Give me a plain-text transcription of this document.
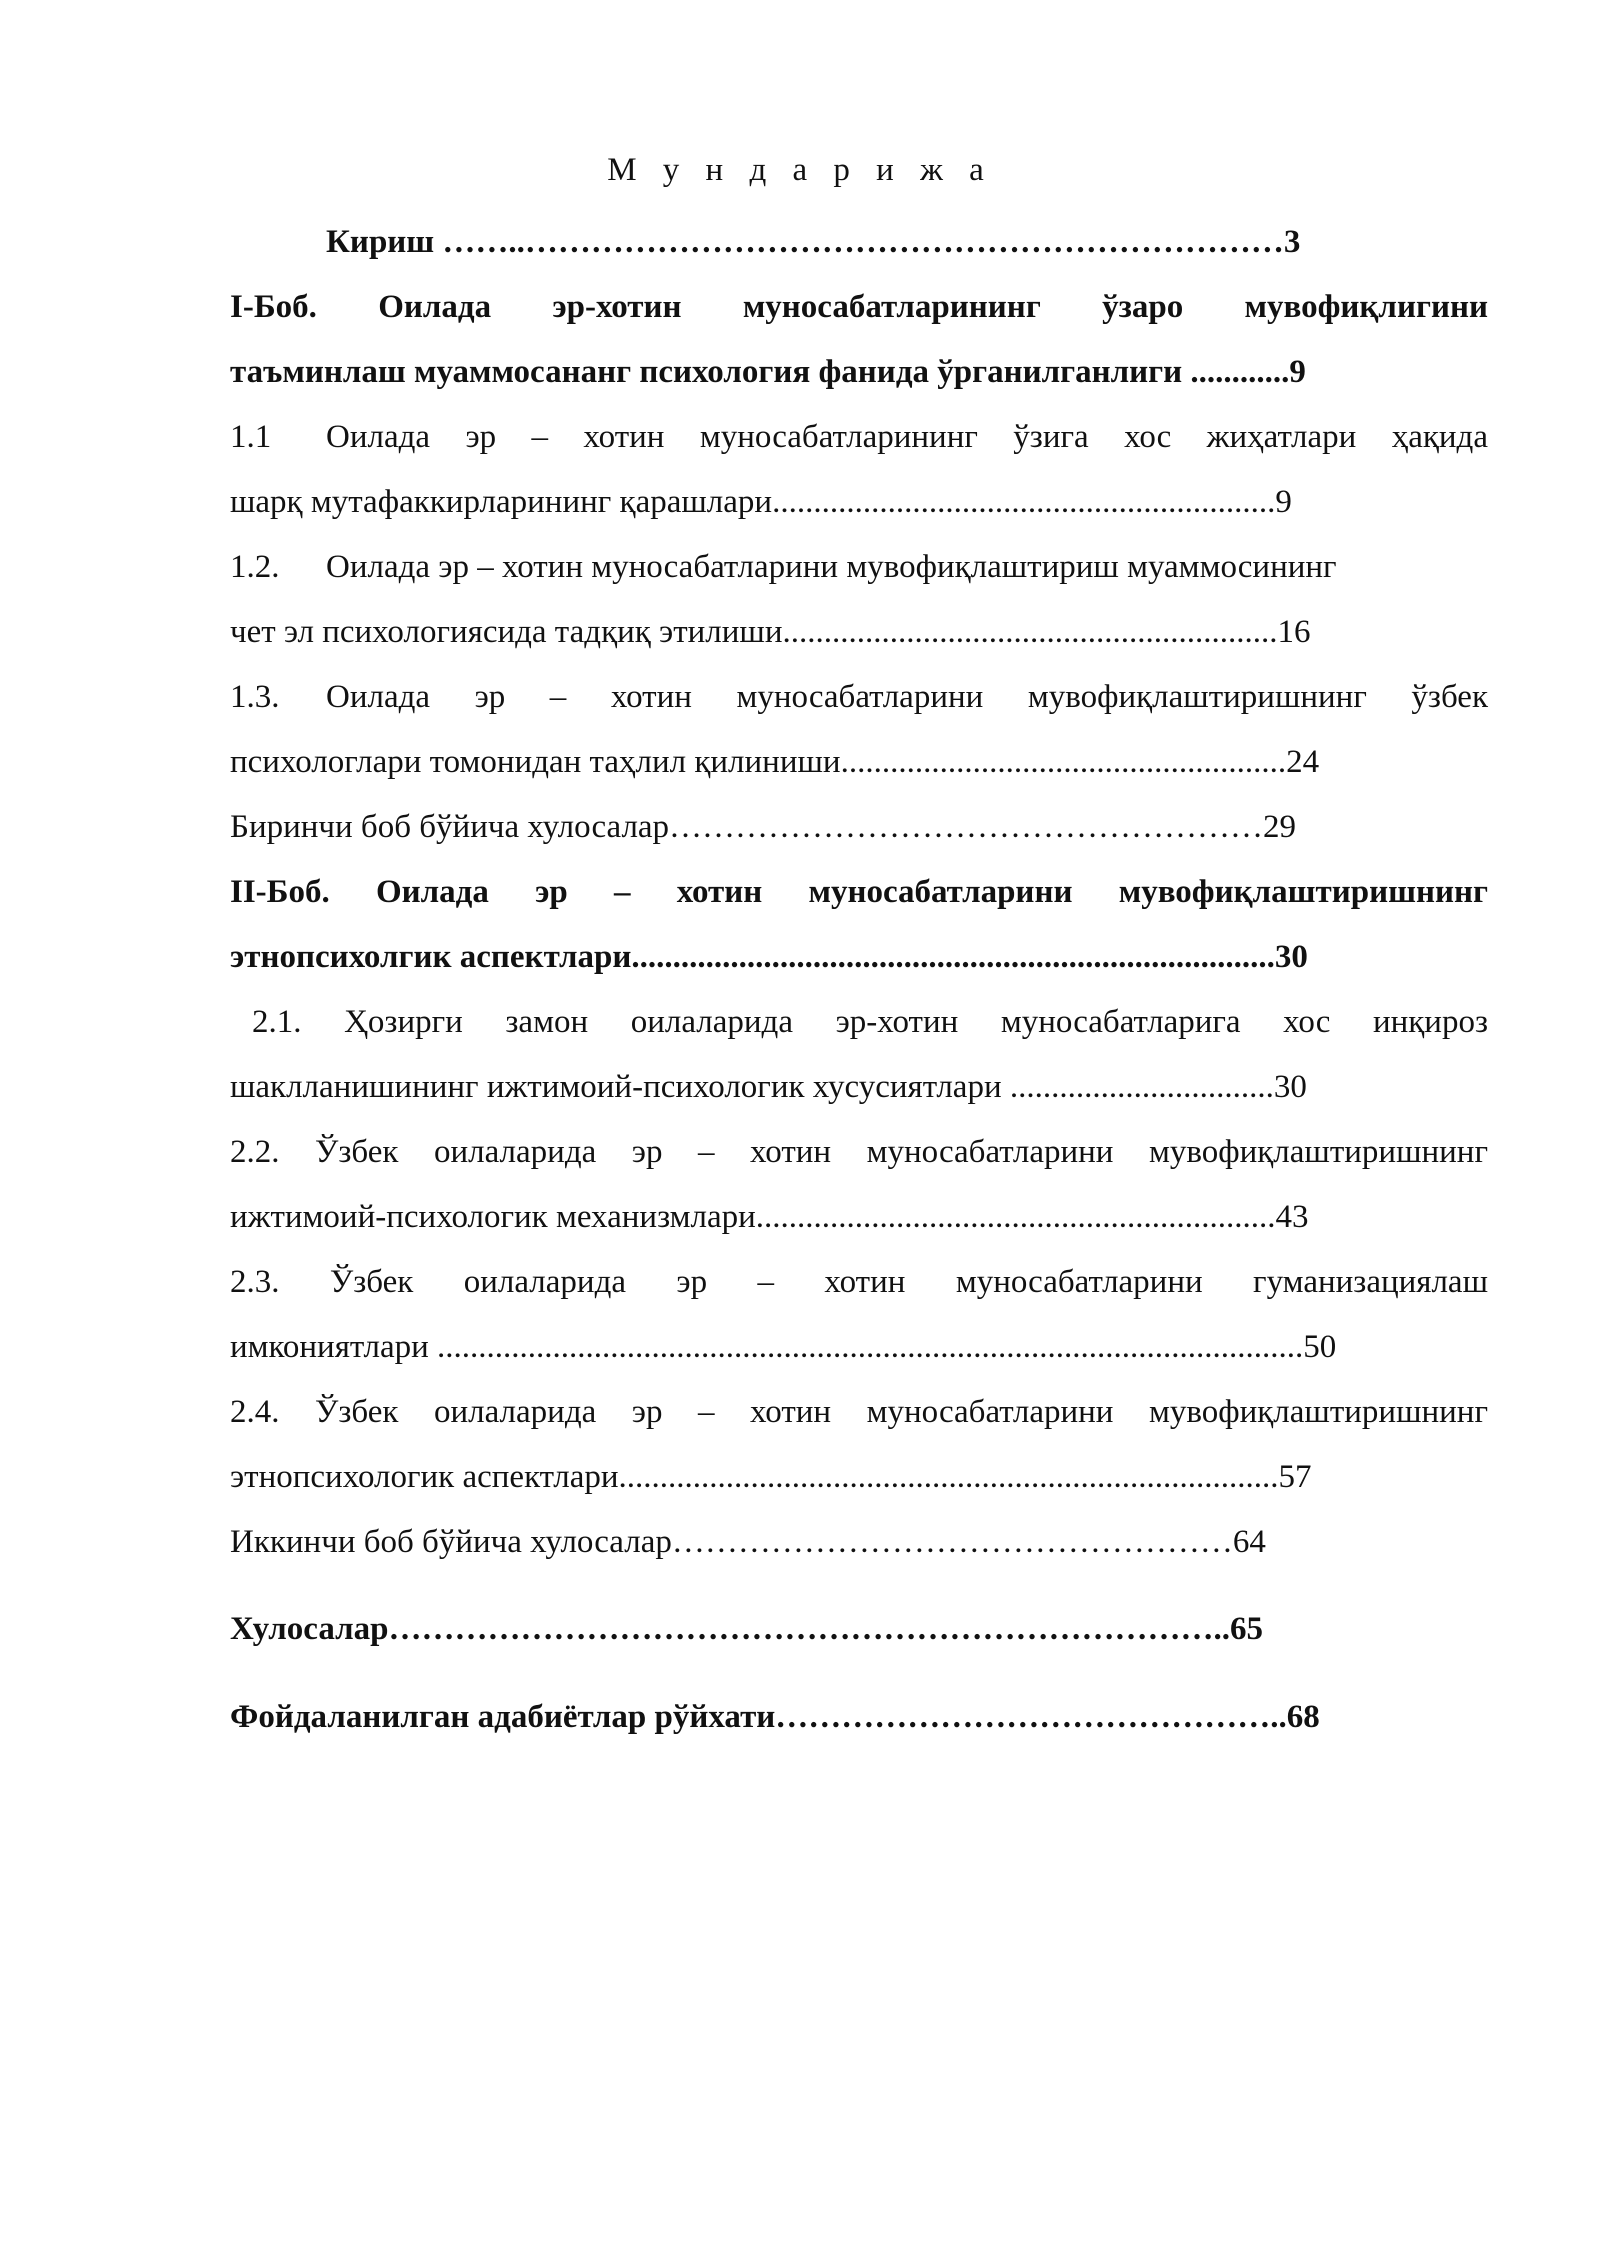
М у н д а р и ж а
Кириш ……..……………………………………………………………3
I-Боб. Оилада эр-хотин муносабатларининг ўзаро мувофиқлигини
таъминлаш муаммосананг психология фанида ўрганилганлиги ............9
1.1 Оилада эр – хотин муносабатларининг ўзига хос жиҳатлари ҳақида
шарқ мутафаккирларининг қарашлари.............................................................9
1.2. Оилада эр – хотин муносабатларини мувофиқлаштириш муаммосининг
чет эл психологиясида тадқиқ этилиши............................................................16
1.3. Оилада эр – хотин муносабатларини мувофиқлаштиришнинг ўзбек
психологлари томонидан таҳлил қилиниши......................................................24
Биринчи боб бўйича хулосалар………………………………………………29
II-Боб. Оилада эр – хотин муносабатларини мувофиқлаштиришнинг
этнопсихолгик аспектлари..............................................................................30
2.1. Ҳозирги замон оилаларида эр-хотин муносабатларига хос инқироз
шаклланишининг ижтимоий-психологик хусусиятлари ................................30
2.2. Ўзбек оилаларида эр – хотин муносабатларини мувофиқлаштиришнинг
ижтимоий-психологик механизмлари...............................................................43
2.3. Ўзбек оилаларида эр – хотин муносабатларини гуманизациялаш
имкониятлари .........................................................................................................50
2.4. Ўзбек оилаларида эр – хотин муносабатларини мувофиқлаштиришнинг
этнопсихологик аспектлари................................................................................57
Иккинчи боб бўйича хулосалар……………………………………………64
Хулосалар…………………………………………………………………..65
Фойдаланилган адабиётлар рўйхати………………………………………..68
